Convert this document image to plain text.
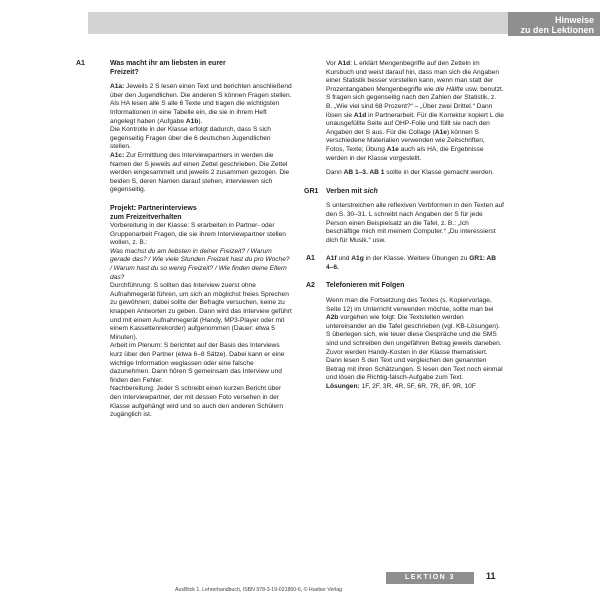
Hinweise
zu den Lektionen
A1	Was macht ihr am liebsten in eurer
Freizeit?

A1a: Jeweils 2 S lesen einen Text und berichten anschließend über den Jugendlichen. Die anderen S können Fragen stellen.

Als HA lesen alle S alle 6 Texte und tragen die wichtigsten Informationen in eine Tabelle ein, die sie in ihrem Heft angelegt haben (Aufgabe A1b).

Die Kontrolle in der Klasse erfolgt dadurch, dass S sich gegenseitig Fragen über die 6 deutschen Jugendlichen stellen.

A1c: Zur Ermittlung des Interviewpartners in werden die Namen der S jeweils auf einen Zettel geschrieben. Die Zettel werden eingesammelt und jeweils 2 zusammen gezogen. Die beiden S, deren Namen darauf stehen, interviewen sich gegenseitig.

Projekt: Partnerinterviews
zum Freizeitverhalten

Vorbereitung in der Klasse: S erarbeiten in Partner- oder Gruppenarbeit Fragen, die sie ihrem Interviewpartner stellen wollen, z. B.:

Was machst du am liebsten in deiner Freizeit? / Warum gerade das? / Wie viele Stunden Freizeit hast du pro Woche? / Warum hast du so wenig Freizeit? / Wie finden deine Eltern das?

Durchführung: S sollten das Interview zuerst ohne Aufnahmegerät führen, um sich an möglichst freies Sprechen zu gewöhnen; dabei sollte der Befragte versuchen, keine zu knappen Antworten zu geben. Dann wird das Interview geführt und mit einem Aufnahmegerät (Handy, MP3-Player oder mit einem Kassettenrekorder) aufgenommen (Dauer: etwa 5 Minuten).

Arbeit im Plenum: S berichtet auf der Basis des Interviews kurz über den Partner (etwa 6–8 Sätze). Dabei kann er eine wichtige Information weglassen oder eine falsche dazunehmen. Dann hören S gemeinsam das Interview und finden den Fehler.

Nachbereitung: Jeder S schreibt einen kurzen Bericht über den Interviewpartner, der mit dessen Foto versehen in der Klasse aufgehängt wird und so auch den anderen Schülern zugänglich ist.

Vor A1d: L erklärt Mengenbegriffe auf den Zetteln im Kursbuch und weist darauf hin, dass man sich die Angaben einer Statistik besser vorstellen kann, wenn man statt der Prozentangaben Mengenbegriffe wie die Hälfte usw. benutzt. S fragen sich gegenseitig nach den Zahlen der Statistik, z. B. „Wie viel sind 68 Prozent?“ – „Über zwei Drittel.“ Dann lösen sie A1d in Partnerarbeit. Für die Korrektur kopiert L die unausgefüllte Seite auf OHP-Folie und füllt sie nach den Angaben der S aus. Für die Collage (A1e) können S verschiedene Materialien verwenden wie Zeitschriften, Fotos, Texte; Übung A1e auch als HA, die Ergebnisse werden in der Klasse vorgestellt.

Dann AB 1–3. AB 1 sollte in der Klasse gemacht werden.

GR1 Verben mit sich

S unterstreichen alle reflexiven Verbformen in den Texten auf den S. 30–31. L schreibt nach Angaben der S für jede Person einen Beispielsatz an die Tafel, z. B.: „Ich beschäftige mich mit meinem Computer.“ „Du interessierst dich für Musik.“ usw.

A1 A1f und A1g in der Klasse. Weitere Übungen zu GR1: AB 4–6.

A2 Telefonieren mit Folgen

Wenn man die Fortsetzung des Textes (s. Kopiervorlage, Seite 12) im Unterricht verwenden möchte, sollte man bei A2b vorgehen wie folgt: Die Textstellen werden untereinander an die Tafel geschrieben (vgl. KB-Lösungen). S überlegen sich, wie teuer diese Gespräche und die SMS sind und schreiben den ungefähren Betrag jeweils daneben. Zuvor werden Handy-Kosten in der Klasse thematisiert. Dann lesen S den Text und vergleichen den genannten Betrag mit ihren Schätzungen. S lesen den Text noch einmal und lösen die Richtig-falsch-Aufgabe zum Text.

Lösungen: 1F, 2F, 3R, 4R, 5F, 6R, 7R, 8F, 9R, 10F

LEKTION 3	11
AusBlick 1. Lehrerhandbuch, ISBN 978-3-19-021860-6, © Hueber Verlag
